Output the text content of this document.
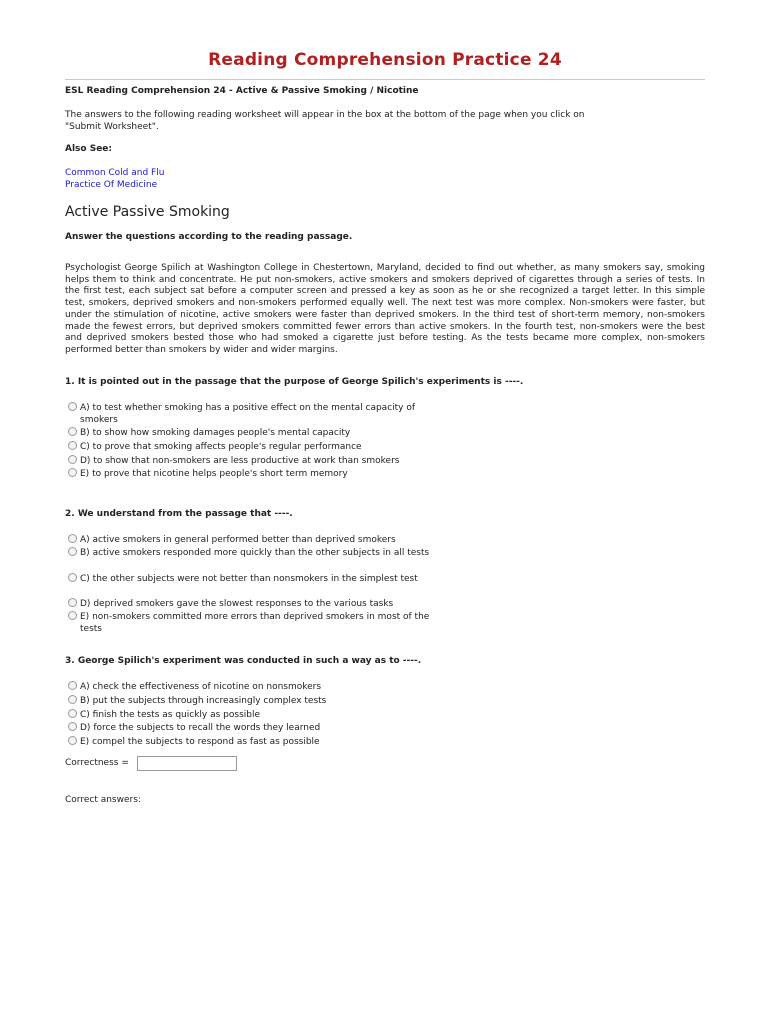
Reading Comprehension Practice 24
ESL Reading Comprehension 24 - Active & Passive Smoking / Nicotine
The answers to the following reading worksheet will appear in the box at the bottom of the page when you click on "Submit Worksheet".
Also See:
Common Cold and Flu
Practice Of Medicine
Active Passive Smoking
Answer the questions according to the reading passage.
Psychologist George Spilich at Washington College in Chestertown, Maryland, decided to find out whether, as many smokers say, smoking helps them to think and concentrate. He put non-smokers, active smokers and smokers deprived of cigarettes through a series of tests. In the first test, each subject sat before a computer screen and pressed a key as soon as he or she recognized a target letter. In this simple test, smokers, deprived smokers and non-smokers performed equally well. The next test was more complex. Non-smokers were faster, but under the stimulation of nicotine, active smokers were faster than deprived smokers. In the third test of short-term memory, non-smokers made the fewest errors, but deprived smokers committed fewer errors than active smokers. In the fourth test, non-smokers were the best and deprived smokers bested those who had smoked a cigarette just before testing. As the tests became more complex, non-smokers performed better than smokers by wider and wider margins.
1. It is pointed out in the passage that the purpose of George Spilich's experiments is ----.
A) to test whether smoking has a positive effect on the mental capacity of smokers
B) to show how smoking damages people's mental capacity
C) to prove that smoking affects people's regular performance
D) to show that non-smokers are less productive at work than smokers
E) to prove that nicotine helps people's short term memory
2. We understand from the passage that ----.
A) active smokers in general performed better than deprived smokers
B) active smokers responded more quickly than the other subjects in all tests
C) the other subjects were not better than nonsmokers in the simplest test
D) deprived smokers gave the slowest responses to the various tasks
E) non-smokers committed more errors than deprived smokers in most of the tests
3. George Spilich's experiment was conducted in such a way as to ----.
A) check the effectiveness of nicotine on nonsmokers
B) put the subjects through increasingly complex tests
C) finish the tests as quickly as possible
D) force the subjects to recall the words they learned
E) compel the subjects to respond as fast as possible
Correctness =
Correct answers:
